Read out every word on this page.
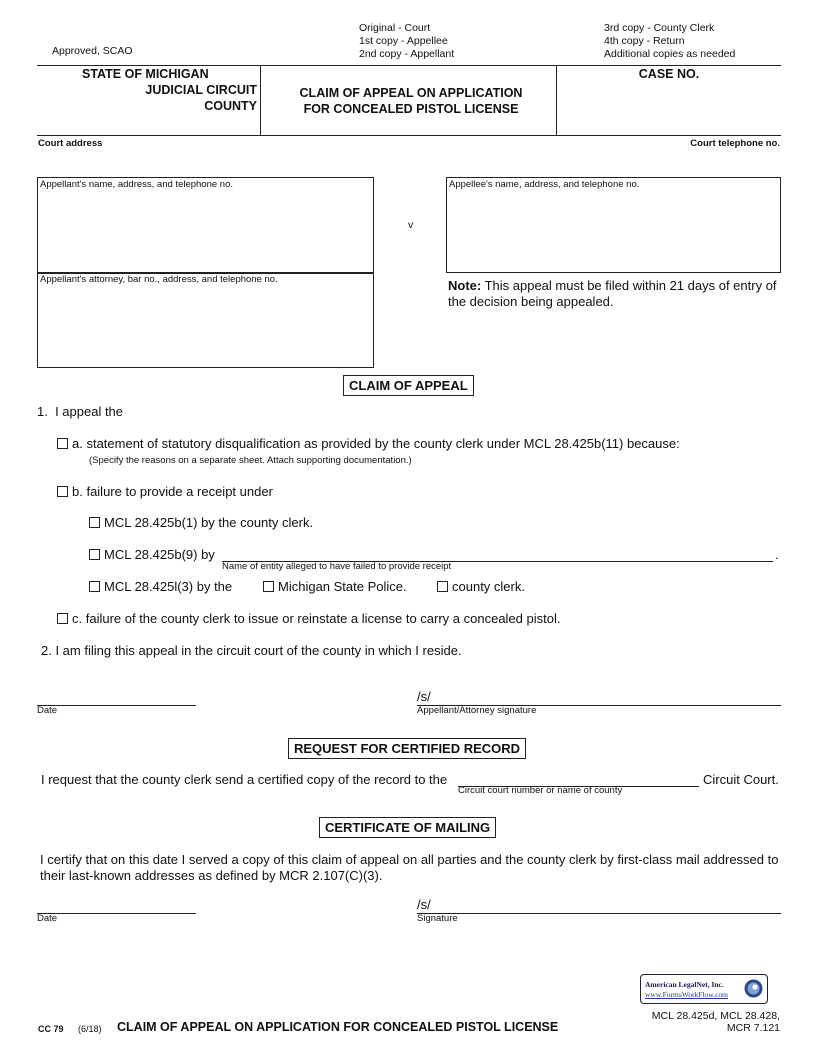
Approved, SCAO
Original - Court
1st copy - Appellee
2nd copy - Appellant
3rd copy - County Clerk
4th copy - Return
Additional copies as needed
STATE OF MICHIGAN
JUDICIAL CIRCUIT
COUNTY
CLAIM OF APPEAL ON APPLICATION
FOR CONCEALED PISTOL LICENSE
CASE NO.
Court address	Court telephone no.
Appellant's name, address, and telephone no.
Appellant's attorney, bar no., address, and telephone no.
v
Appellee's name, address, and telephone no.
Note: This appeal must be filed within 21 days of entry of the decision being appealed.
CLAIM OF APPEAL
1.  I appeal the
a. statement of statutory disqualification as provided by the county clerk under MCL 28.425b(11) because:
(Specify the reasons on a separate sheet. Attach supporting documentation.)
b. failure to provide a receipt under
MCL 28.425b(1) by the county clerk.
MCL 28.425b(9) by	.
Name of entity alleged to have failed to provide receipt
MCL 28.425l(3) by the	Michigan State Police.	county clerk.
c. failure of the county clerk to issue or reinstate a license to carry a concealed pistol.
2. I am filing this appeal in the circuit court of the county in which I reside.
Date
/s/
Appellant/Attorney signature
REQUEST FOR CERTIFIED RECORD
I request that the county clerk send a certified copy of the record to the	Circuit Court.
Circuit court number or name of county
CERTIFICATE OF MAILING
I certify that on this date I served a copy of this claim of appeal on all parties and the county clerk by first-class mail addressed to their last-known addresses as defined by MCR 2.107(C)(3).
Date
/s/
Signature
American LegalNet, Inc.
www.FormsWorkFlow.com
CC 79 (6/18) CLAIM OF APPEAL ON APPLICATION FOR CONCEALED PISTOL LICENSE
MCL 28.425d, MCL 28.428,
MCR 7.121
